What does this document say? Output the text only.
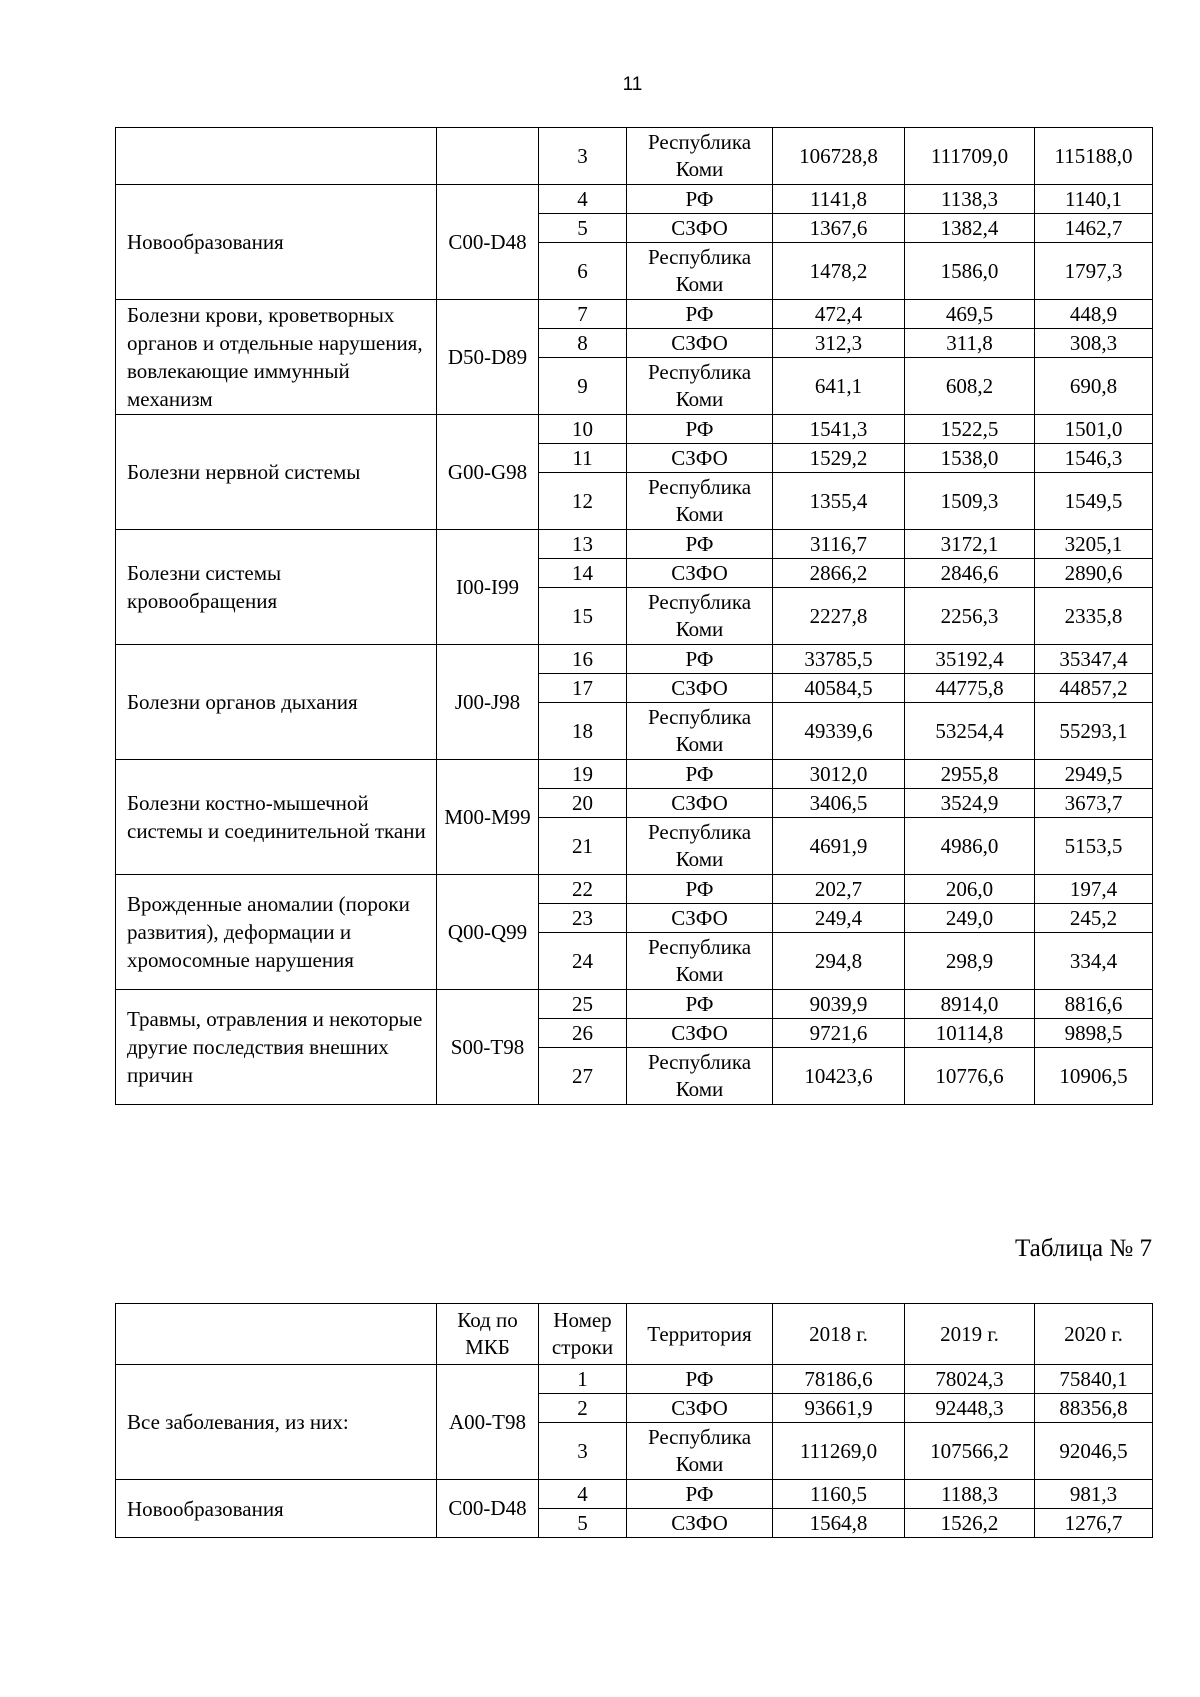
11
		3	Республика Коми	106728,8	111709,0	115188,0
Новообразования	C00-D48	4	РФ	1141,8	1138,3	1140,1
		5	СЗФО	1367,6	1382,4	1462,7
		6	Республика Коми	1478,2	1586,0	1797,3
Болезни крови, кроветворных органов и отдельные нарушения, вовлекающие иммунный механизм	D50-D89	7	РФ	472,4	469,5	448,9
		8	СЗФО	312,3	311,8	308,3
		9	Республика Коми	641,1	608,2	690,8
Болезни нервной системы	G00-G98	10	РФ	1541,3	1522,5	1501,0
		11	СЗФО	1529,2	1538,0	1546,3
		12	Республика Коми	1355,4	1509,3	1549,5
Болезни системы кровообращения	I00-I99	13	РФ	3116,7	3172,1	3205,1
		14	СЗФО	2866,2	2846,6	2890,6
		15	Республика Коми	2227,8	2256,3	2335,8
Болезни органов дыхания	J00-J98	16	РФ	33785,5	35192,4	35347,4
		17	СЗФО	40584,5	44775,8	44857,2
		18	Республика Коми	49339,6	53254,4	55293,1
Болезни костно-мышечной системы и соединительной ткани	M00-M99	19	РФ	3012,0	2955,8	2949,5
		20	СЗФО	3406,5	3524,9	3673,7
		21	Республика Коми	4691,9	4986,0	5153,5
Врожденные аномалии (пороки развития), деформации и хромосомные нарушения	Q00-Q99	22	РФ	202,7	206,0	197,4
		23	СЗФО	249,4	249,0	245,2
		24	Республика Коми	294,8	298,9	334,4
Травмы, отравления и некоторые другие последствия внешних причин	S00-T98	25	РФ	9039,9	8914,0	8816,6
		26	СЗФО	9721,6	10114,8	9898,5
		27	Республика Коми	10423,6	10776,6	10906,5
Таблица № 7
	Код по МКБ	Номер строки	Территория	2018 г.	2019 г.	2020 г.
Все заболевания, из них:	A00-T98	1	РФ	78186,6	78024,3	75840,1
		2	СЗФО	93661,9	92448,3	88356,8
		3	Республика Коми	111269,0	107566,2	92046,5
Новообразования	C00-D48	4	РФ	1160,5	1188,3	981,3
		5	СЗФО	1564,8	1526,2	1276,7
